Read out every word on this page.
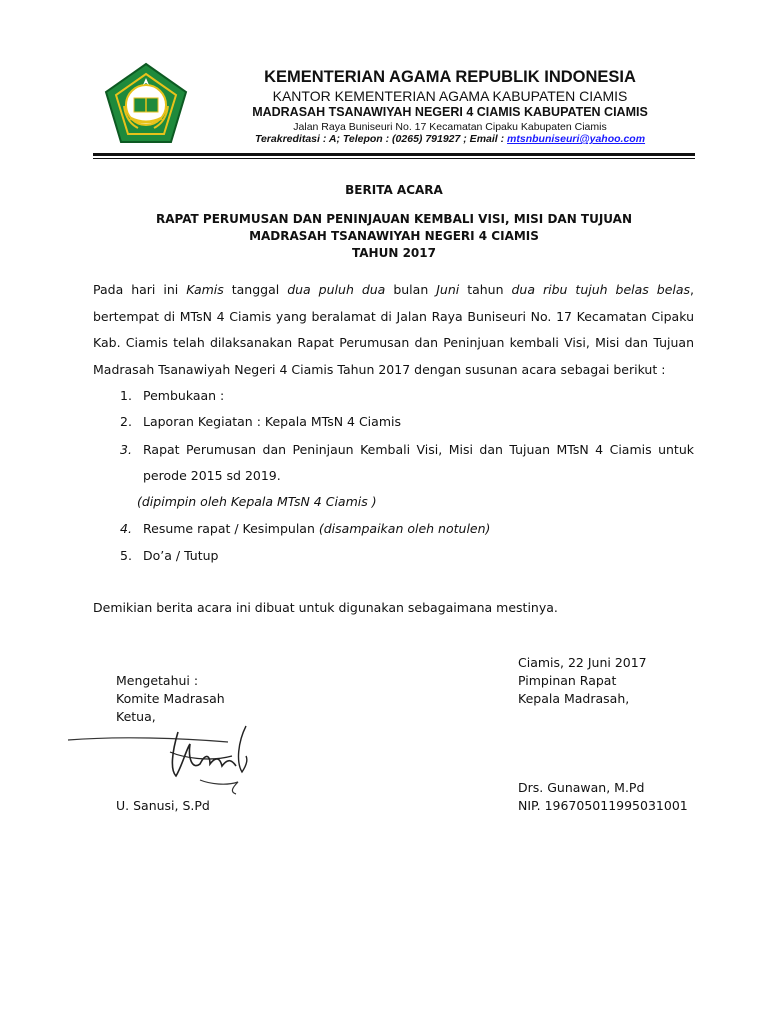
KEMENTERIAN AGAMA REPUBLIK INDONESIA
KANTOR KEMENTERIAN AGAMA KABUPATEN CIAMIS
MADRASAH TSANAWIYAH NEGERI 4 CIAMIS KABUPATEN CIAMIS
Jalan Raya Buniseuri No. 17 Kecamatan Cipaku Kabupaten Ciamis
Terakreditasi : A; Telepon : (0265) 791927 ; Email : mtsnbuniseuri@yahoo.com
BERITA ACARA
RAPAT PERUMUSAN DAN PENINJAUAN KEMBALI VISI, MISI DAN TUJUAN
MADRASAH TSANAWIYAH NEGERI 4 CIAMIS
TAHUN 2017
Pada hari ini Kamis tanggal dua puluh dua bulan Juni tahun dua ribu tujuh belas belas,
bertempat di MTsN 4 Ciamis yang beralamat di Jalan Raya Buniseuri No. 17 Kecamatan Cipaku
Kab. Ciamis telah dilaksanakan Rapat Perumusan dan Peninjuan kembali Visi, Misi dan Tujuan
Madrasah Tsanawiyah Negeri 4 Ciamis Tahun 2017 dengan susunan acara sebagai berikut :
1. Pembukaan :
2. Laporan Kegiatan : Kepala MTsN 4 Ciamis
3. Rapat Perumusan dan Peninjaun Kembali Visi, Misi dan Tujuan MTsN 4 Ciamis untuk
perode 2015 sd 2019.
(dipimpin oleh Kepala MTsN 4 Ciamis )
4. Resume rapat / Kesimpulan (disampaikan oleh notulen)
5. Do’a / Tutup
Demikian berita acara ini dibuat untuk digunakan sebagaimana mestinya.
Ciamis, 22 Juni 2017
Pimpinan Rapat
Kepala Madrasah,
Drs. Gunawan, M.Pd
NIP. 196705011995031001
Mengetahui :
Komite Madrasah
Ketua,
U. Sanusi, S.Pd
